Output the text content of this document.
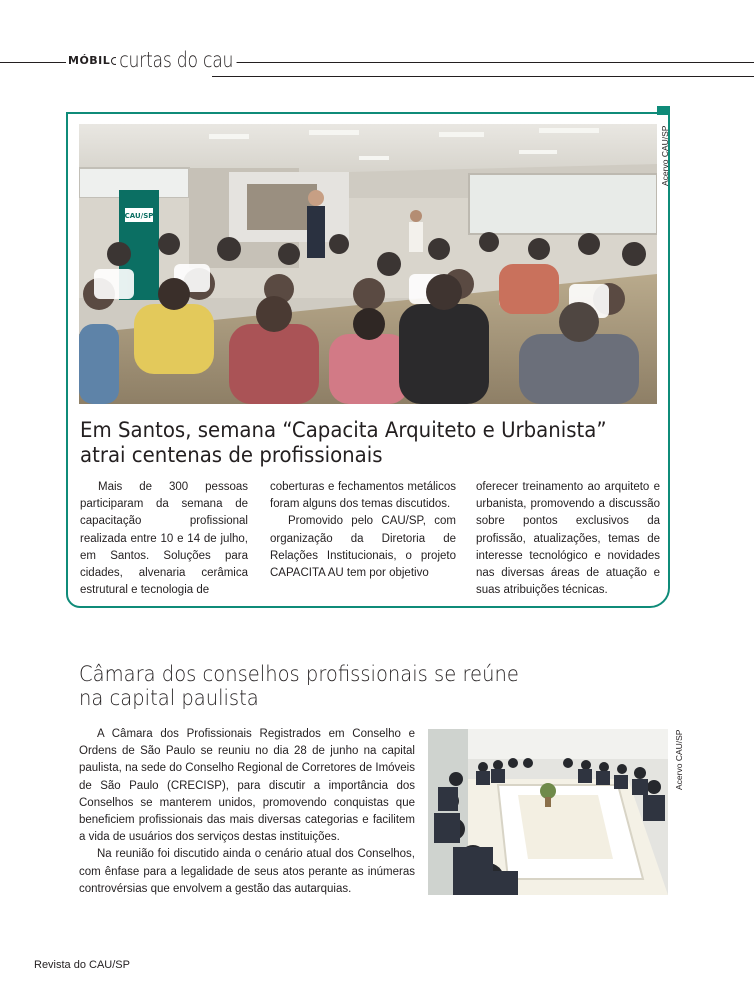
MÓBIL curtas do cau
CAU/SP
Acervo CAU/SP
Em Santos, semana “Capacita Arquiteto e Urbanista”
atrai centenas de profissionais

Mais de 300 pessoas participaram da semana de capacitação profissional realizada entre 10 e 14 de julho, em Santos. Soluções para cidades, alvenaria cerâmica estrutural e tecnologia de

coberturas e fechamentos metálicos foram alguns dos temas discutidos.

Promovido pelo CAU/SP, com organização da Diretoria de Relações Institucionais, o projeto CAPACITA AU tem por objetivo

oferecer treinamento ao arquiteto e urbanista, promovendo a discussão sobre pontos exclusivos da profissão, atualizações, temas de interesse tecnológico e novidades nas diversas áreas de atuação e suas atribuições técnicas.

Câmara dos conselhos profissionais se reúne
na capital paulista

A Câmara dos Profissionais Registrados em Conselho e Ordens de São Paulo se reuniu no dia 28 de junho na capital paulista, na sede do Conselho Regional de Corretores de Imóveis de São Paulo (CRECISP), para discutir a importância dos Conselhos se manterem unidos, promovendo conquistas que beneficiem profissionais das mais diversas categorias e facilitem a vida de usuários dos serviços destas instituições.

Na reunião foi discutido ainda o cenário atual dos Conselhos, com ênfase para a legalidade de seus atos perante as inúmeras controvérsias que envolvem a gestão das autarquias.

Acervo CAU/SP
Revista do CAU/SP
